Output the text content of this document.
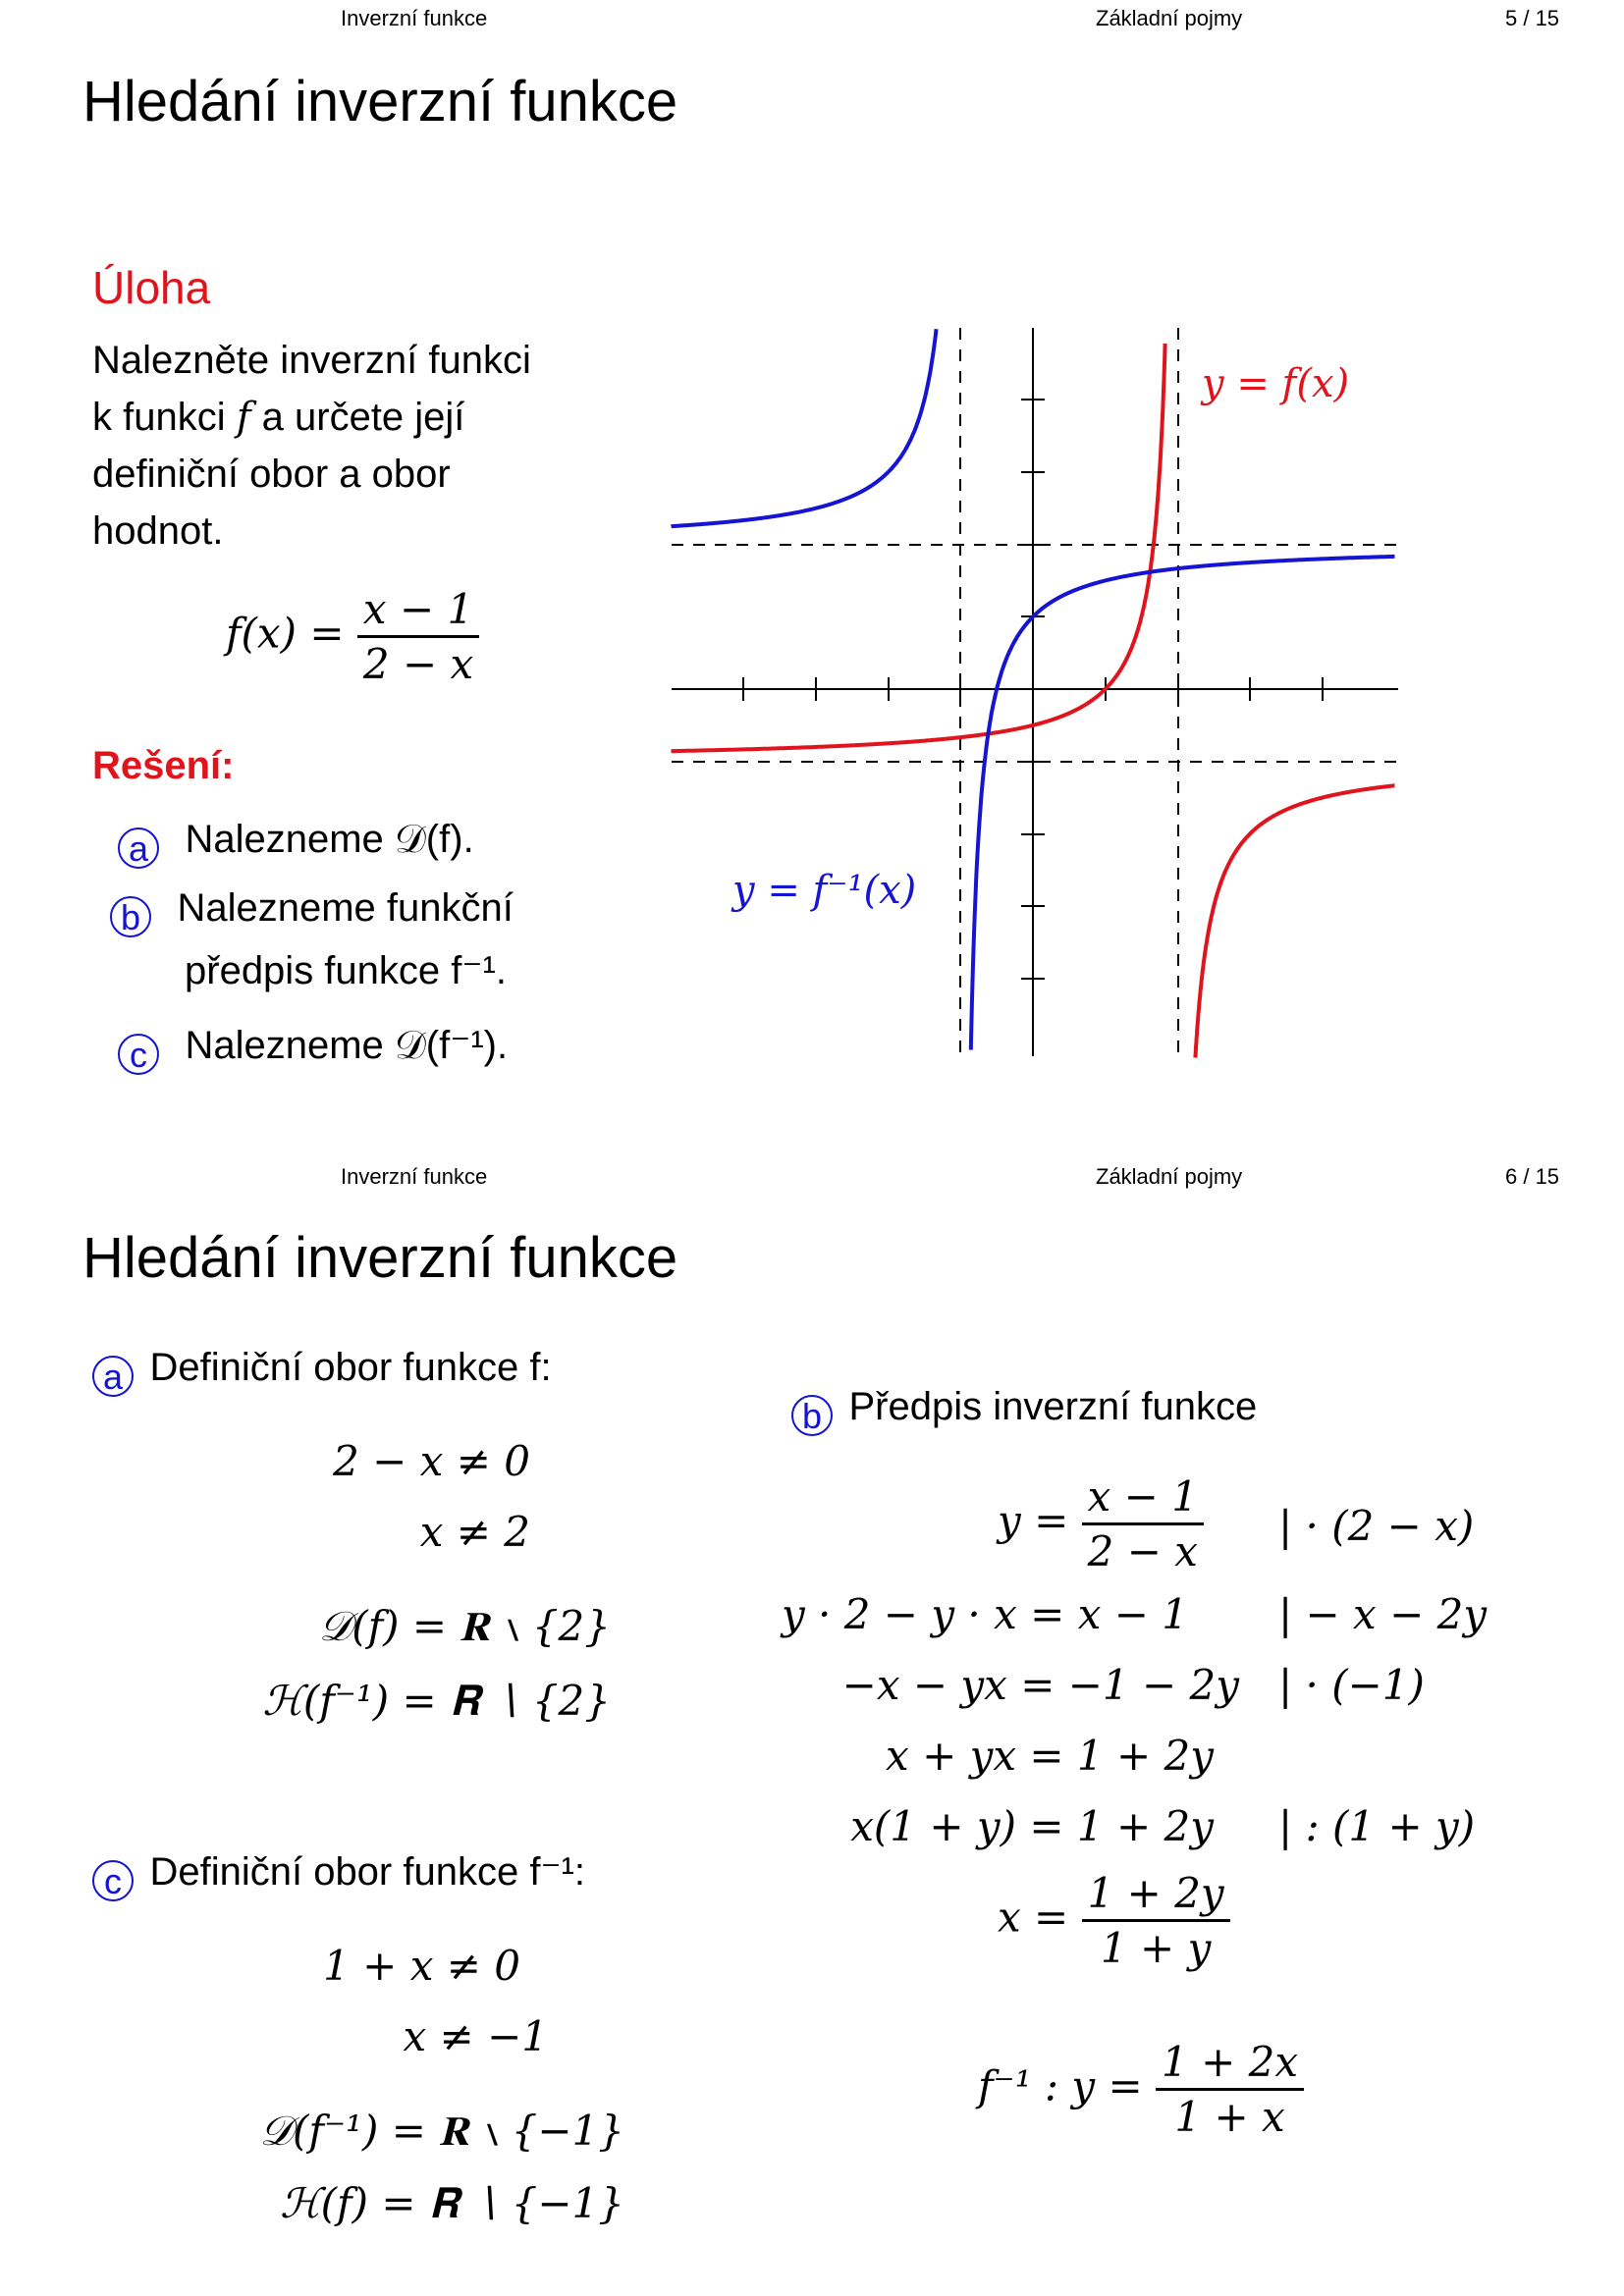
Inverzní funkce	Základní pojmy	5 / 15
Hledání inverzní funkce
Úloha
Nalezněte inverzní funkci
k funkci f a určete její
definiční obor a obor
hodnot.
$f(x) = \frac{x - 1}{2 - x}$
Rešení:
a Nalezneme 𝒟(f).
b Nalezneme funkční
předpis funkce f⁻¹.
c Nalezneme 𝒟(f⁻¹).
y = f(x)
y = f⁻¹(x)
Inverzní funkce	Základní pojmy	6 / 15
Hledání inverzní funkce
a Definiční obor funkce f:
2 − x ≠ 0
x ≠ 2
𝒟(f) = 𝐑 ∖ {2}
ℋ(f⁻¹) = 𝐑 ∖ {2}
c Definiční obor funkce f⁻¹:
1 + x ≠ 0
x ≠ −1
𝒟(f⁻¹) = 𝐑 ∖ {−1}
ℋ(f) = 𝐑 ∖ {−1}
b Předpis inverzní funkce
$y = \frac{x - 1}{2 - x}$ | · (2 − x)
y · 2 − y · x = x − 1 | − x − 2y
−x − yx = −1 − 2y | · (−1)
x + yx = 1 + 2y
x(1 + y) = 1 + 2y | : (1 + y)
$x = \frac{1 + 2y}{1 + y}$
f⁻¹ : $y = \frac{1 + 2x}{1 + x}$
